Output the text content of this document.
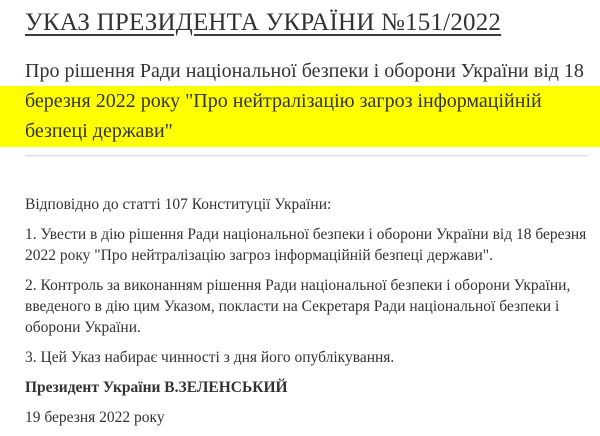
УКАЗ ПРЕЗИДЕНТА УКРАЇНИ №151/2022
Про рішення Ради національної безпеки і оборони України від 18
березня 2022 року "Про нейтралізацію загроз інформаційній безпеці держави"

Відповідно до статті 107 Конституції України:

1. Увести в дію рішення Ради національної безпеки і оборони України від 18 березня 2022 року "Про нейтралізацію загроз інформаційній безпеці держави".

2. Контроль за виконанням рішення Ради національної безпеки і оборони України, введеного в дію цим Указом, покласти на Секретаря Ради національної безпеки і оборони України.

3. Цей Указ набирає чинності з дня його опублікування.

Президент України В.ЗЕЛЕНСЬКИЙ

19 березня 2022 року
